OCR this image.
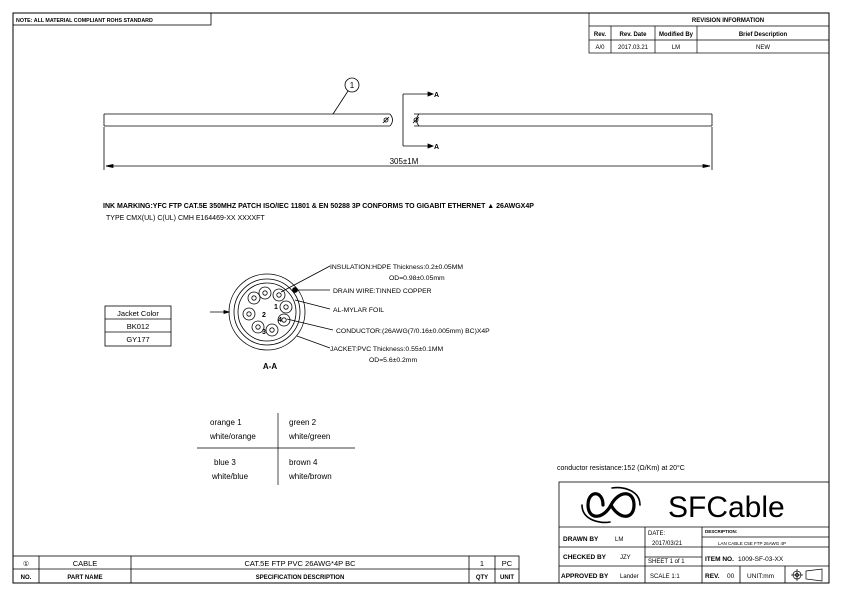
NOTE: ALL MATERIAL COMPLIANT ROHS STANDARD	REVISION INFORMATION
Rev. Rev. Date Modified By	Brief Description
A/0 2017.03.21	LM	NEW
1
A
A
305±1M
INK MARKING:YFC FTP CAT.5E 350MHZ PATCH ISO/IEC 11801 & EN 50288 3P CONFORMS TO GIGABIT ETHERNET ▲ 26AWGX4P
TYPE CMX(UL) C(UL) CMH E164469-XX XXXXFT
1
2
3
4
A-A
INSULATION:HDPE Thickness:0.2±0.05MM
OD=0.98±0.05mm
DRAIN WIRE:TINNED COPPER
AL-MYLAR FOIL
CONDUCTOR:(26AWG(7/0.16±0.005mm) BC)X4P
JACKET:PVC Thickness:0.55±0.1MM
OD=5.6±0.2mm
Jacket Color
BK012
GY177
orange 1
white/orange
green 2
white/green
blue 3
white/blue
brown 4
white/brown
conductor resistance:152 (Ω/Km) at 20°C
SFCable
DRAWN BY	LM
CHECKED BY JZY
APPROVED BY Lander
DATE:
2017/03/21
SHEET 1 of 1
SCALE 1:1
DESCRIPTION:
LAN CABLE C5E FTP 26AWG 4P
ITEM NO. 1009-SF-03-XX
REV. 00 UNIT:mm
①	CABLE	CAT.5E FTP PVC 26AWG*4P BC	1 PC
NO.	PART NAME	SPECIFICATION DESCRIPTION	QTY UNIT
